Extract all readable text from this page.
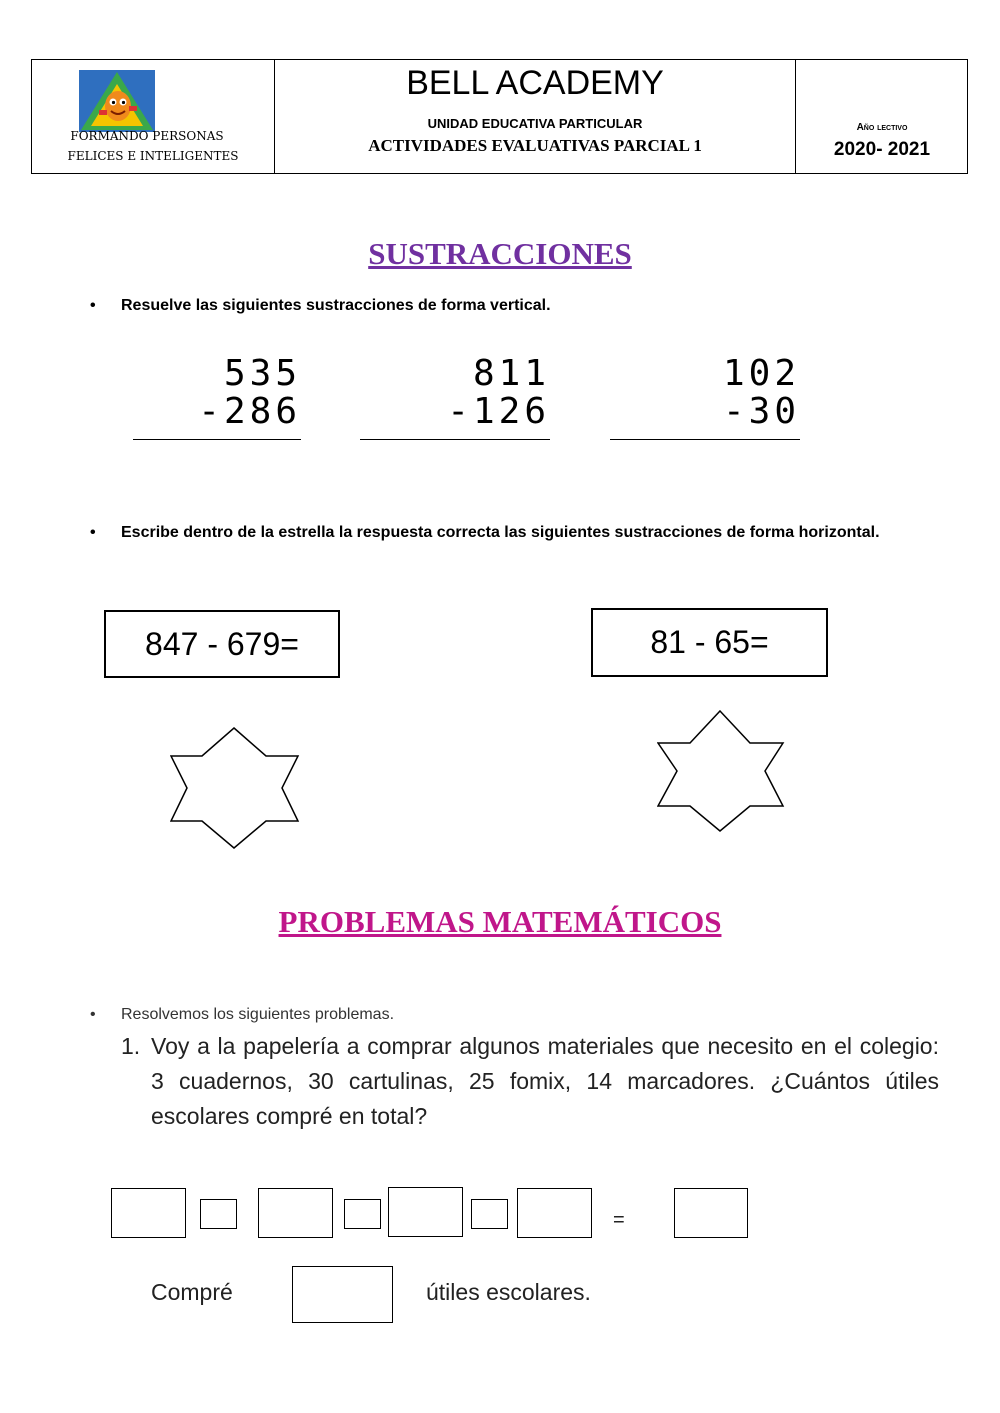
FORMANDO PERSONAS
FELICES E INTELIGENTES
BELL ACADEMY
UNIDAD EDUCATIVA PARTICULAR
ACTIVIDADES EVALUATIVAS PARCIAL 1
Año lectivo
2020- 2021
SUSTRACCIONES
• Resuelve las siguientes sustracciones de forma vertical.
535
-286
811
-126
102
-30
• Escribe dentro de la estrella la respuesta correcta las siguientes sustracciones de forma horizontal.
847 - 679=	81 - 65=
PROBLEMAS MATEMÁTICOS
• Resolvemos los siguientes problemas.
1. Voy a la papelería a comprar algunos materiales que necesito en el colegio: 3 cuadernos, 30 cartulinas, 25 fomix, 14 marcadores. ¿Cuántos útiles escolares compré en total?
=
Compré	útiles escolares.
